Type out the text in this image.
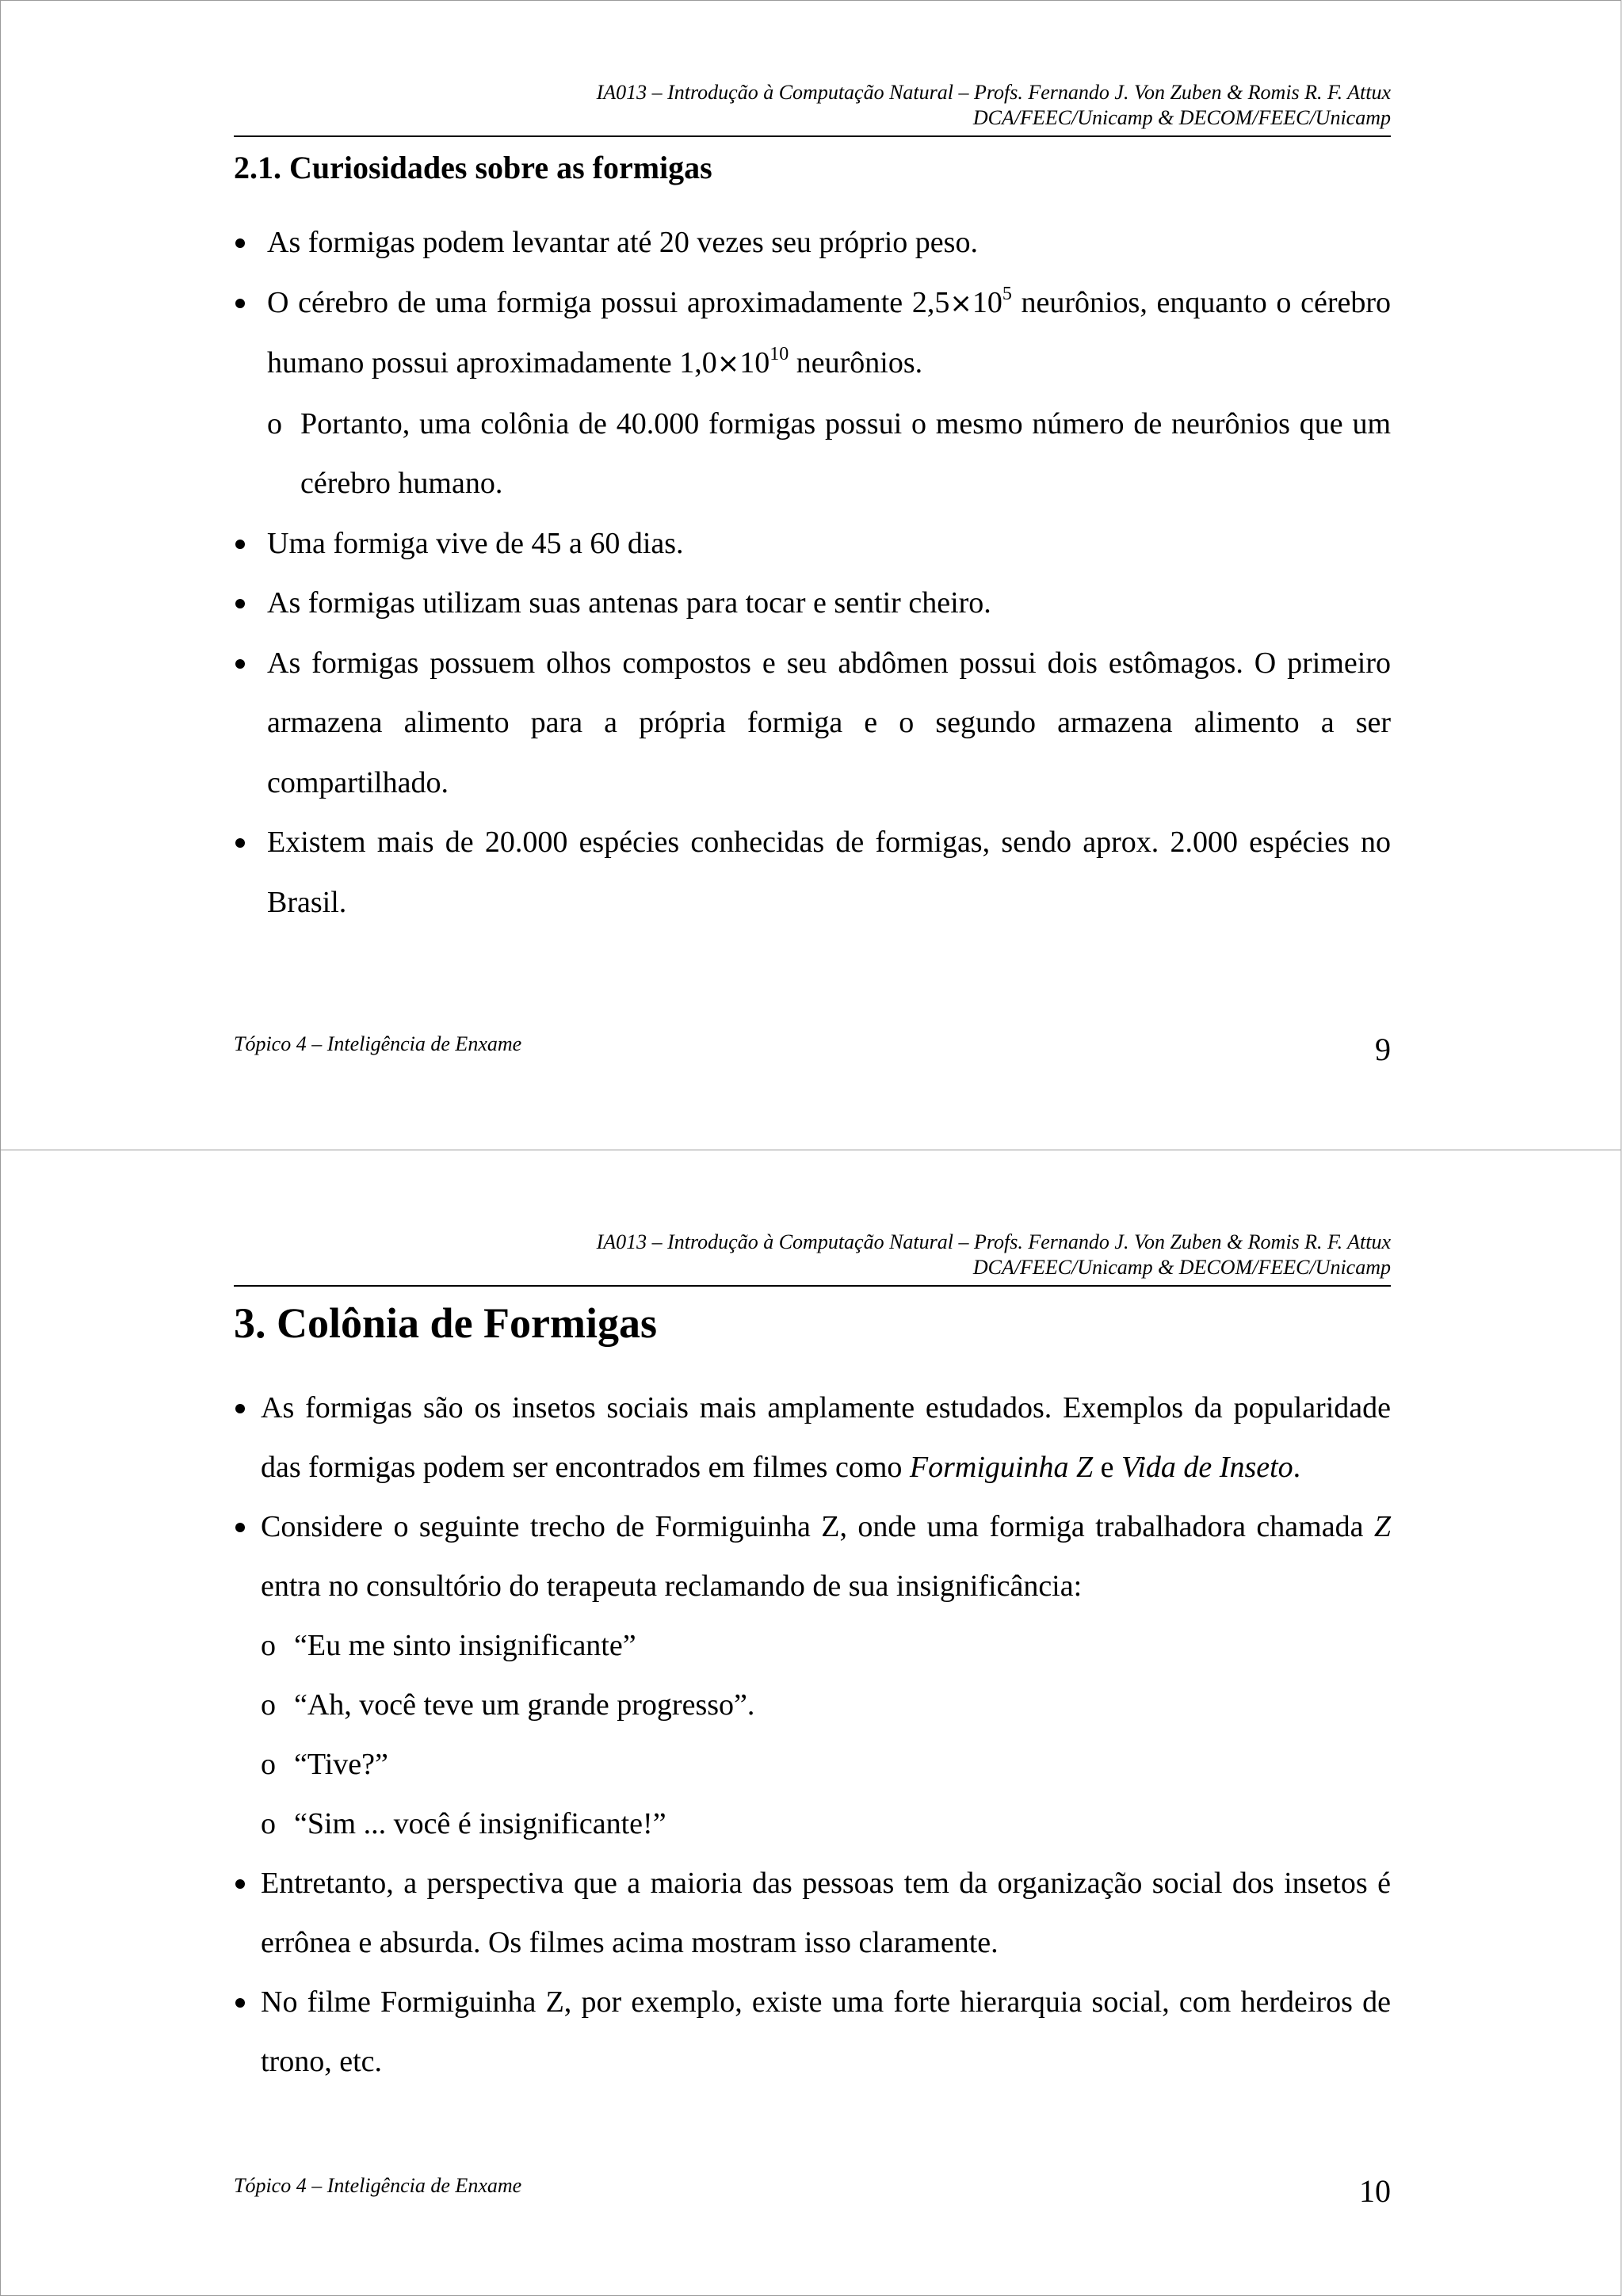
IA013 – Introdução à Computação Natural – Profs. Fernando J. Von Zuben & Romis R. F. Attux
DCA/FEEC/Unicamp & DECOM/FEEC/Unicamp
2.1. Curiosidades sobre as formigas
As formigas podem levantar até 20 vezes seu próprio peso.
O cérebro de uma formiga possui aproximadamente $2,5\times 10^5$ neurônios, enquanto o cérebro humano possui aproximadamente $1,0\times 10^{10}$ neurônios.
o Portanto, uma colônia de 40.000 formigas possui o mesmo número de neurônios que um cérebro humano.
Uma formiga vive de 45 a 60 dias.
As formigas utilizam suas antenas para tocar e sentir cheiro.
As formigas possuem olhos compostos e seu abdômen possui dois estômagos. O primeiro armazena alimento para a própria formiga e o segundo armazena alimento a ser compartilhado.
Existem mais de 20.000 espécies conhecidas de formigas, sendo aprox. 2.000 espécies no Brasil.
Tópico 4 – Inteligência de Enxame	9
IA013 – Introdução à Computação Natural – Profs. Fernando J. Von Zuben & Romis R. F. Attux
DCA/FEEC/Unicamp & DECOM/FEEC/Unicamp
3. Colônia de Formigas
As formigas são os insetos sociais mais amplamente estudados. Exemplos da popularidade das formigas podem ser encontrados em filmes como Formiguinha Z e Vida de Inseto.
Considere o seguinte trecho de Formiguinha Z, onde uma formiga trabalhadora chamada Z entra no consultório do terapeuta reclamando de sua insignificância:
o “Eu me sinto insignificante”
o “Ah, você teve um grande progresso”.
o “Tive?”
o “Sim ... você é insignificante!”
Entretanto, a perspectiva que a maioria das pessoas tem da organização social dos insetos é errônea e absurda. Os filmes acima mostram isso claramente.
No filme Formiguinha Z, por exemplo, existe uma forte hierarquia social, com herdeiros de trono, etc.
Tópico 4 – Inteligência de Enxame	10
